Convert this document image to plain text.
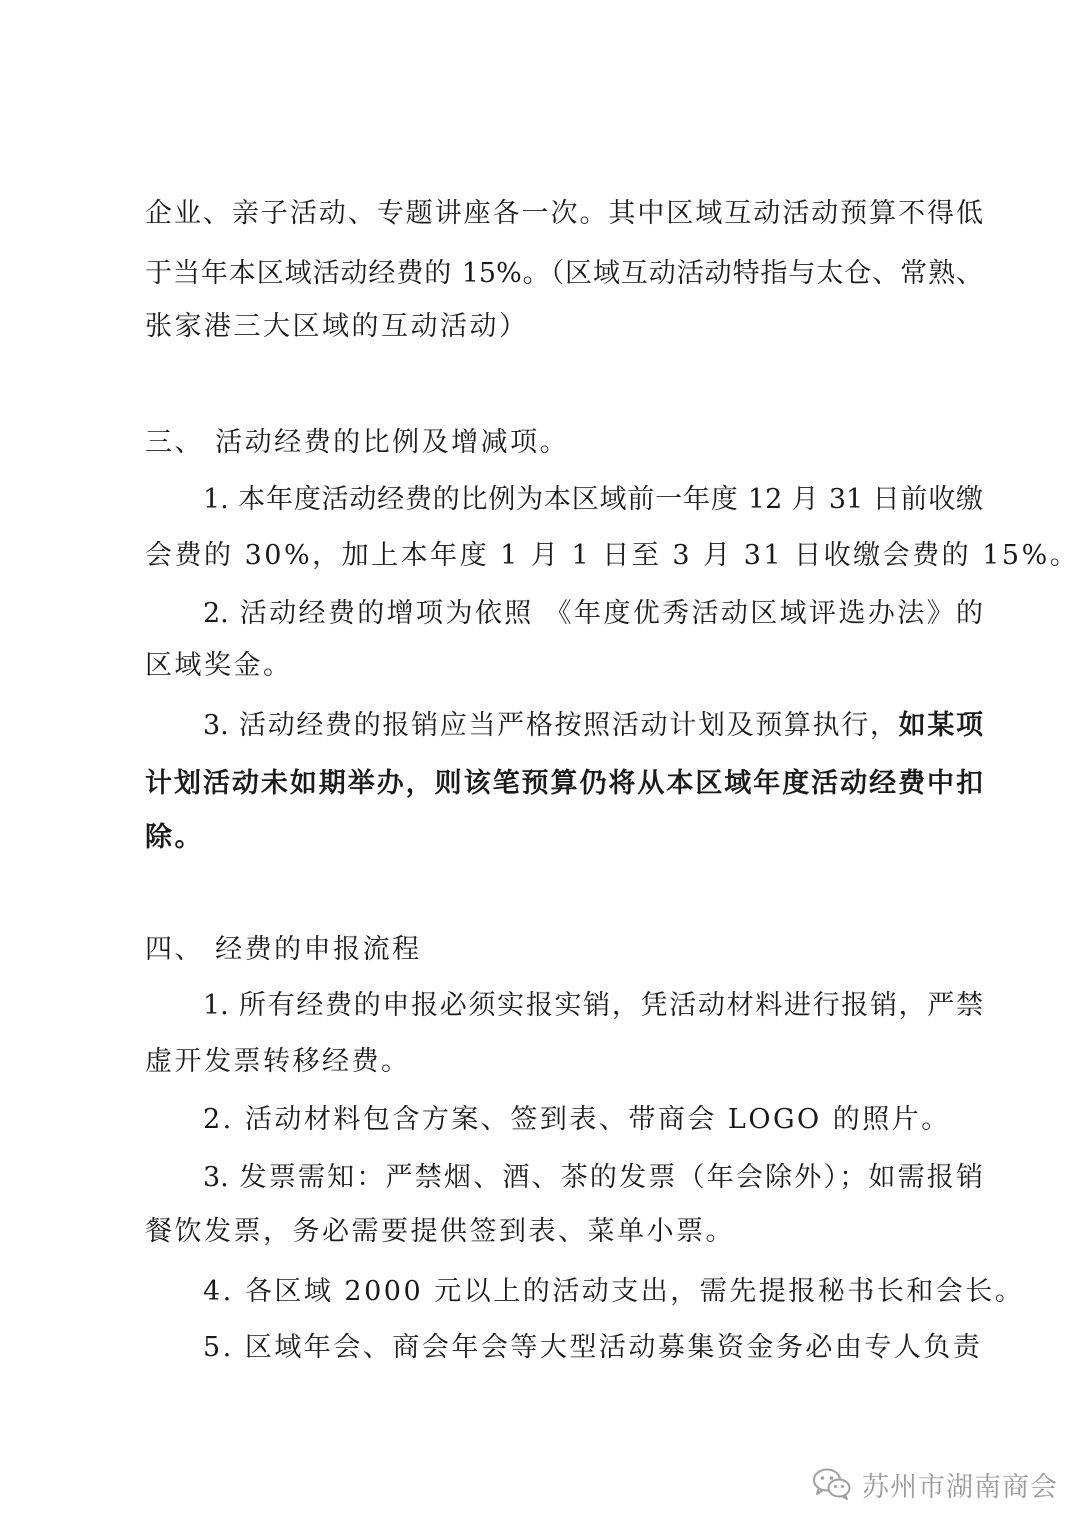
企业、亲子活动、专题讲座各一次。其中区域互动活动预算不得低
于当年本区域活动经费的 15%。（区域互动活动特指与太仓、常熟、
张家港三大区域的互动活动）
三、 活动经费的比例及增减项。
1. 本年度活动经费的比例为本区域前一年度 12 月 31 日前收缴
会费的 30%，加上本年度 1 月 1 日至 3 月 31 日收缴会费的 15%。
2. 活动经费的增项为依照 《年度优秀活动区域评选办法》的
区域奖金。
3. 活动经费的报销应当严格按照活动计划及预算执行，如某项
计划活动未如期举办，则该笔预算仍将从本区域年度活动经费中扣
除。
四、 经费的申报流程
1. 所有经费的申报必须实报实销，凭活动材料进行报销，严禁
虚开发票转移经费。
2. 活动材料包含方案、签到表、带商会 LOGO 的照片。
3. 发票需知：严禁烟、酒、茶的发票（年会除外）；如需报销
餐饮发票，务必需要提供签到表、菜单小票。
4. 各区域 2000 元以上的活动支出，需先提报秘书长和会长。
5. 区域年会、商会年会等大型活动募集资金务必由专人负责
苏州市湖南商会
